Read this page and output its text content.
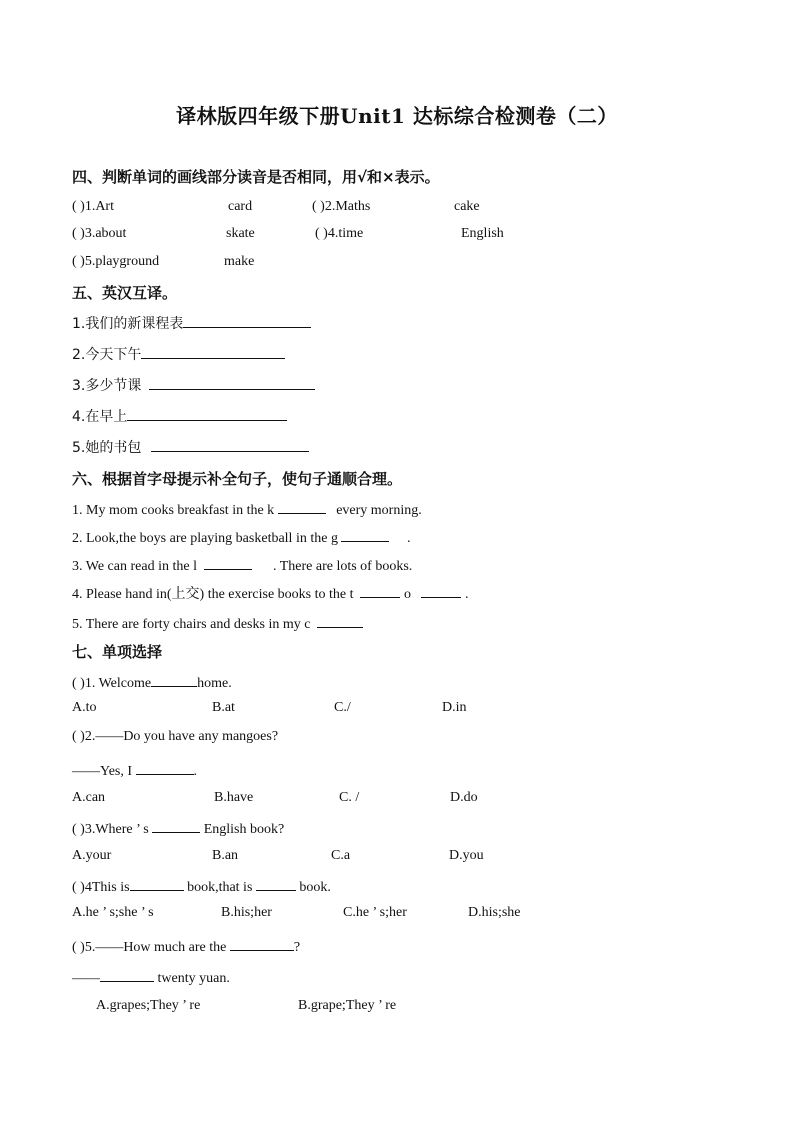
译林版四年级下册Unit1 达标综合检测卷（二）
四、判断单词的画线部分读音是否相同，用√和×表示。
( )1.Art	card	( )2.Maths	cake
( )3.about	skate	( )4.time	English
( )5.playground	make
五、英汉互译。
1.我们的新课程表
2.今天下午
3.多少节课
4.在早上
5.她的书包
六、根据首字母提示补全句子，使句子通顺合理。
1. My mom cooks breakfast in the k	every morning.
2. Look,the boys are playing basketball in the g	.
3. We can read in the l	. There are lots of books.
4. Please hand in(上交) the exercise books to the t	o	.
5. There are forty chairs and desks in my c
七、单项选择
( )1. Welcome	home.
A.to	B.at	C./	D.in
( )2.——Do you have any mangoes?
——Yes, I	.
A.can	B.have	C. /	D.do
( )3.Where ’ s	English book?
A.your	B.an	C.a	D.you
( )4This is	book,that is	book.
A.he ’ s;she ’ s	B.his;her	C.he ’ s;her	D.his;she
( )5.——How much are the	?
——	twenty yuan.
A.grapes;They ’ re	B.grape;They ’ re
